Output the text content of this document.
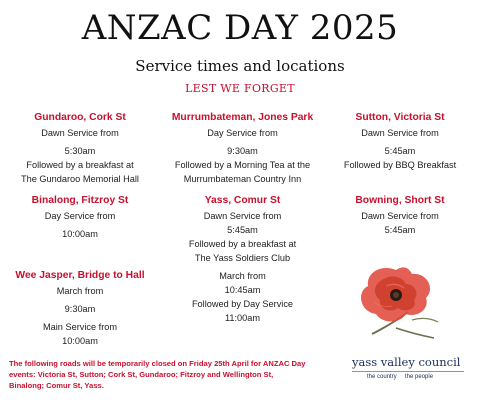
ANZAC DAY 2025
Service times and locations
LEST WE FORGET
Gundaroo, Cork St
Dawn Service from
5:30am
Followed by a breakfast at
The Gundaroo Memorial Hall
Murrumbateman, Jones Park
Day Service from
9:30am
Followed by a Morning Tea at the
Murrumbateman Country Inn
Sutton, Victoria St
Dawn Service from
5:45am
Followed by BBQ Breakfast
Binalong, Fitzroy St
Day Service from
10:00am
Yass, Comur St
Dawn Service from
5:45am
Followed by a breakfast at
The Yass Soldiers Club
March from
10:45am
Followed by Day Service
11:00am
Bowning, Short St
Dawn Service from
5:45am
Wee Jasper, Bridge to Hall
March from
9:30am
Main Service from
10:00am
The following roads will be temporarily closed on Friday 25th April for ANZAC Day events: Victoria St, Sutton; Cork St, Gundaroo; Fitzroy and Wellington St, Binalong; Comur St, Yass.
yass valley council
the country the people
